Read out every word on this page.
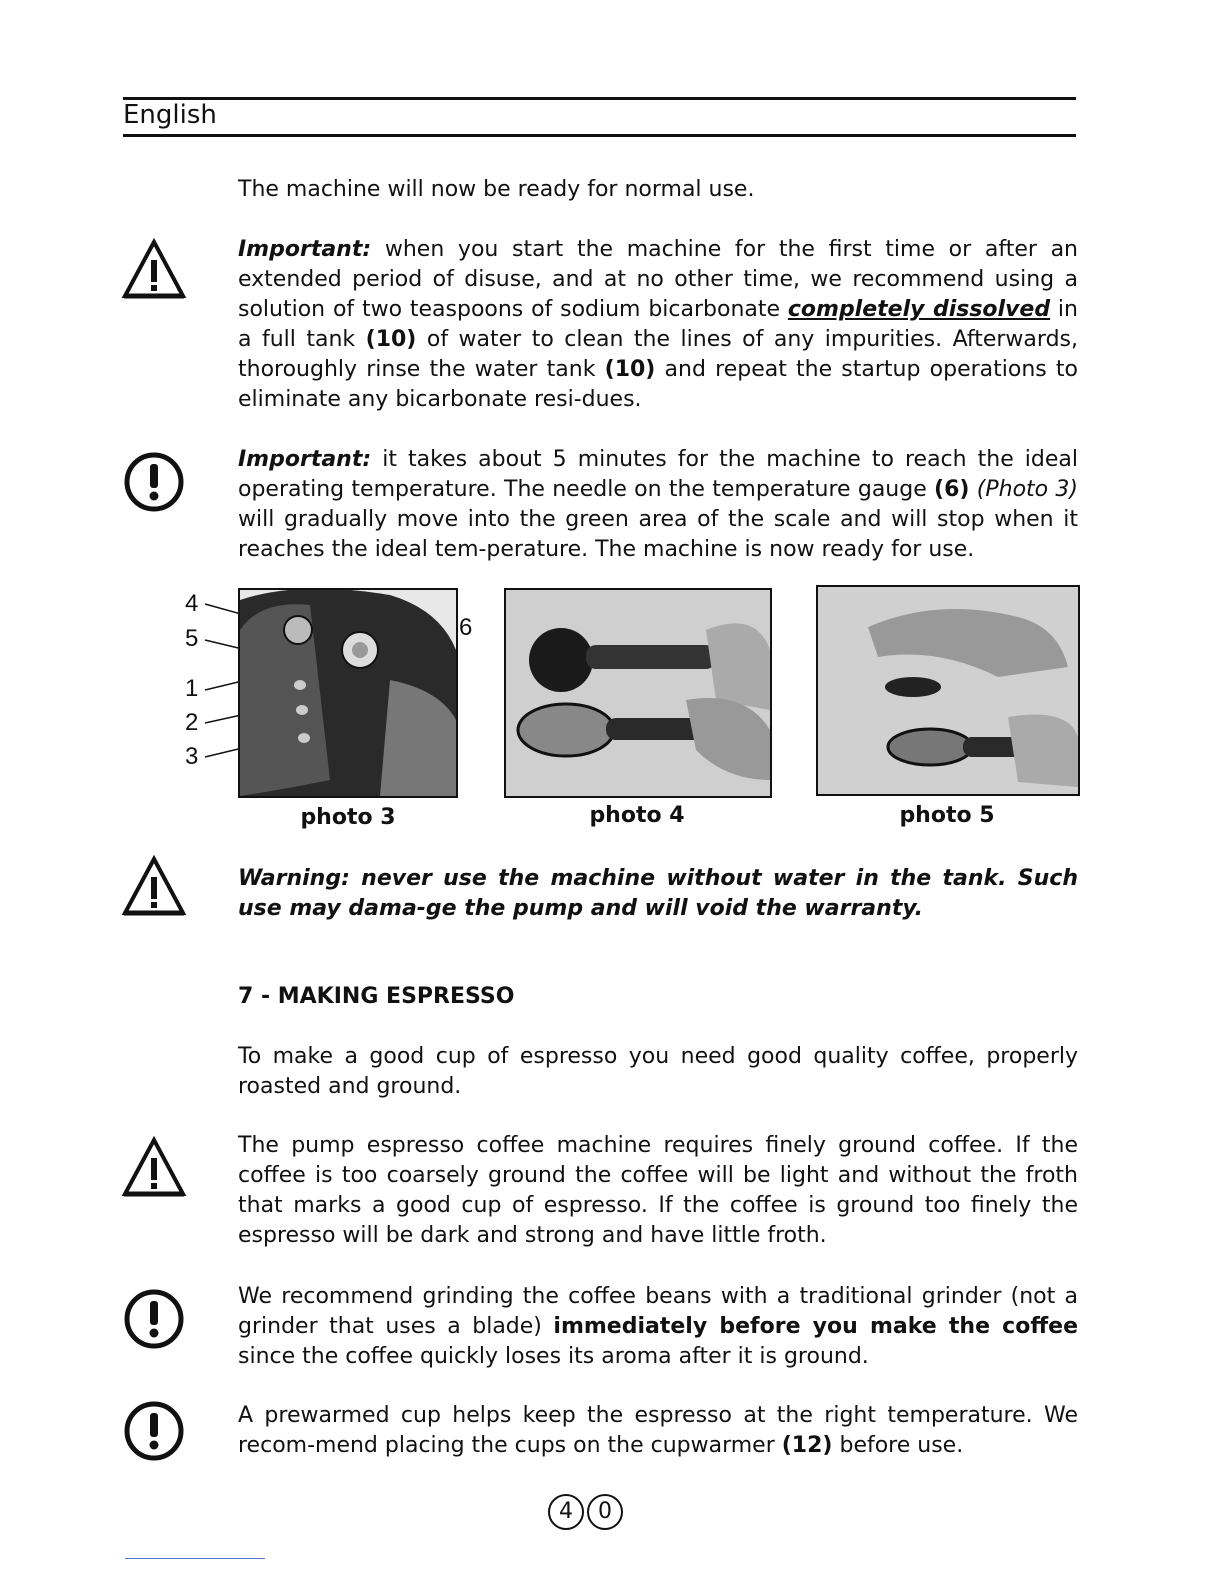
English

The machine will now be ready for normal use.

Important: when you start the machine for the first time or after an extended period of disuse, and at no other time, we recommend using a solution of two teaspoons of sodium bicarbonate completely dissolved in a full tank (10) of water to clean the lines of any impurities. Afterwards, thoroughly rinse the water tank (10) and repeat the startup operations to eliminate any bicarbonate resi-dues.

Important: it takes about 5 minutes for the machine to reach the ideal operating temperature. The needle on the temperature gauge (6) (Photo 3) will gradually move into the green area of the scale and will stop when it reaches the ideal tem-perature. The machine is now ready for use.

4
5
1
2
3
6
photo 3	photo 4	photo 5

Warning: never use the machine without water in the tank. Such use may dama-ge the pump and will void the warranty.

7 - MAKING ESPRESSO

To make a good cup of espresso you need good quality coffee, properly roasted and ground.

The pump espresso coffee machine requires finely ground coffee. If the coffee is too coarsely ground the coffee will be light and without the froth that marks a good cup of espresso. If the coffee is ground too finely the espresso will be dark and strong and have little froth.

We recommend grinding the coffee beans with a traditional grinder (not a grinder that uses a blade) immediately before you make the coffee since the coffee quickly loses its aroma after it is ground.

A prewarmed cup helps keep the espresso at the right temperature. We recom-mend placing the cups on the cupwarmer (12) before use.

4 0
